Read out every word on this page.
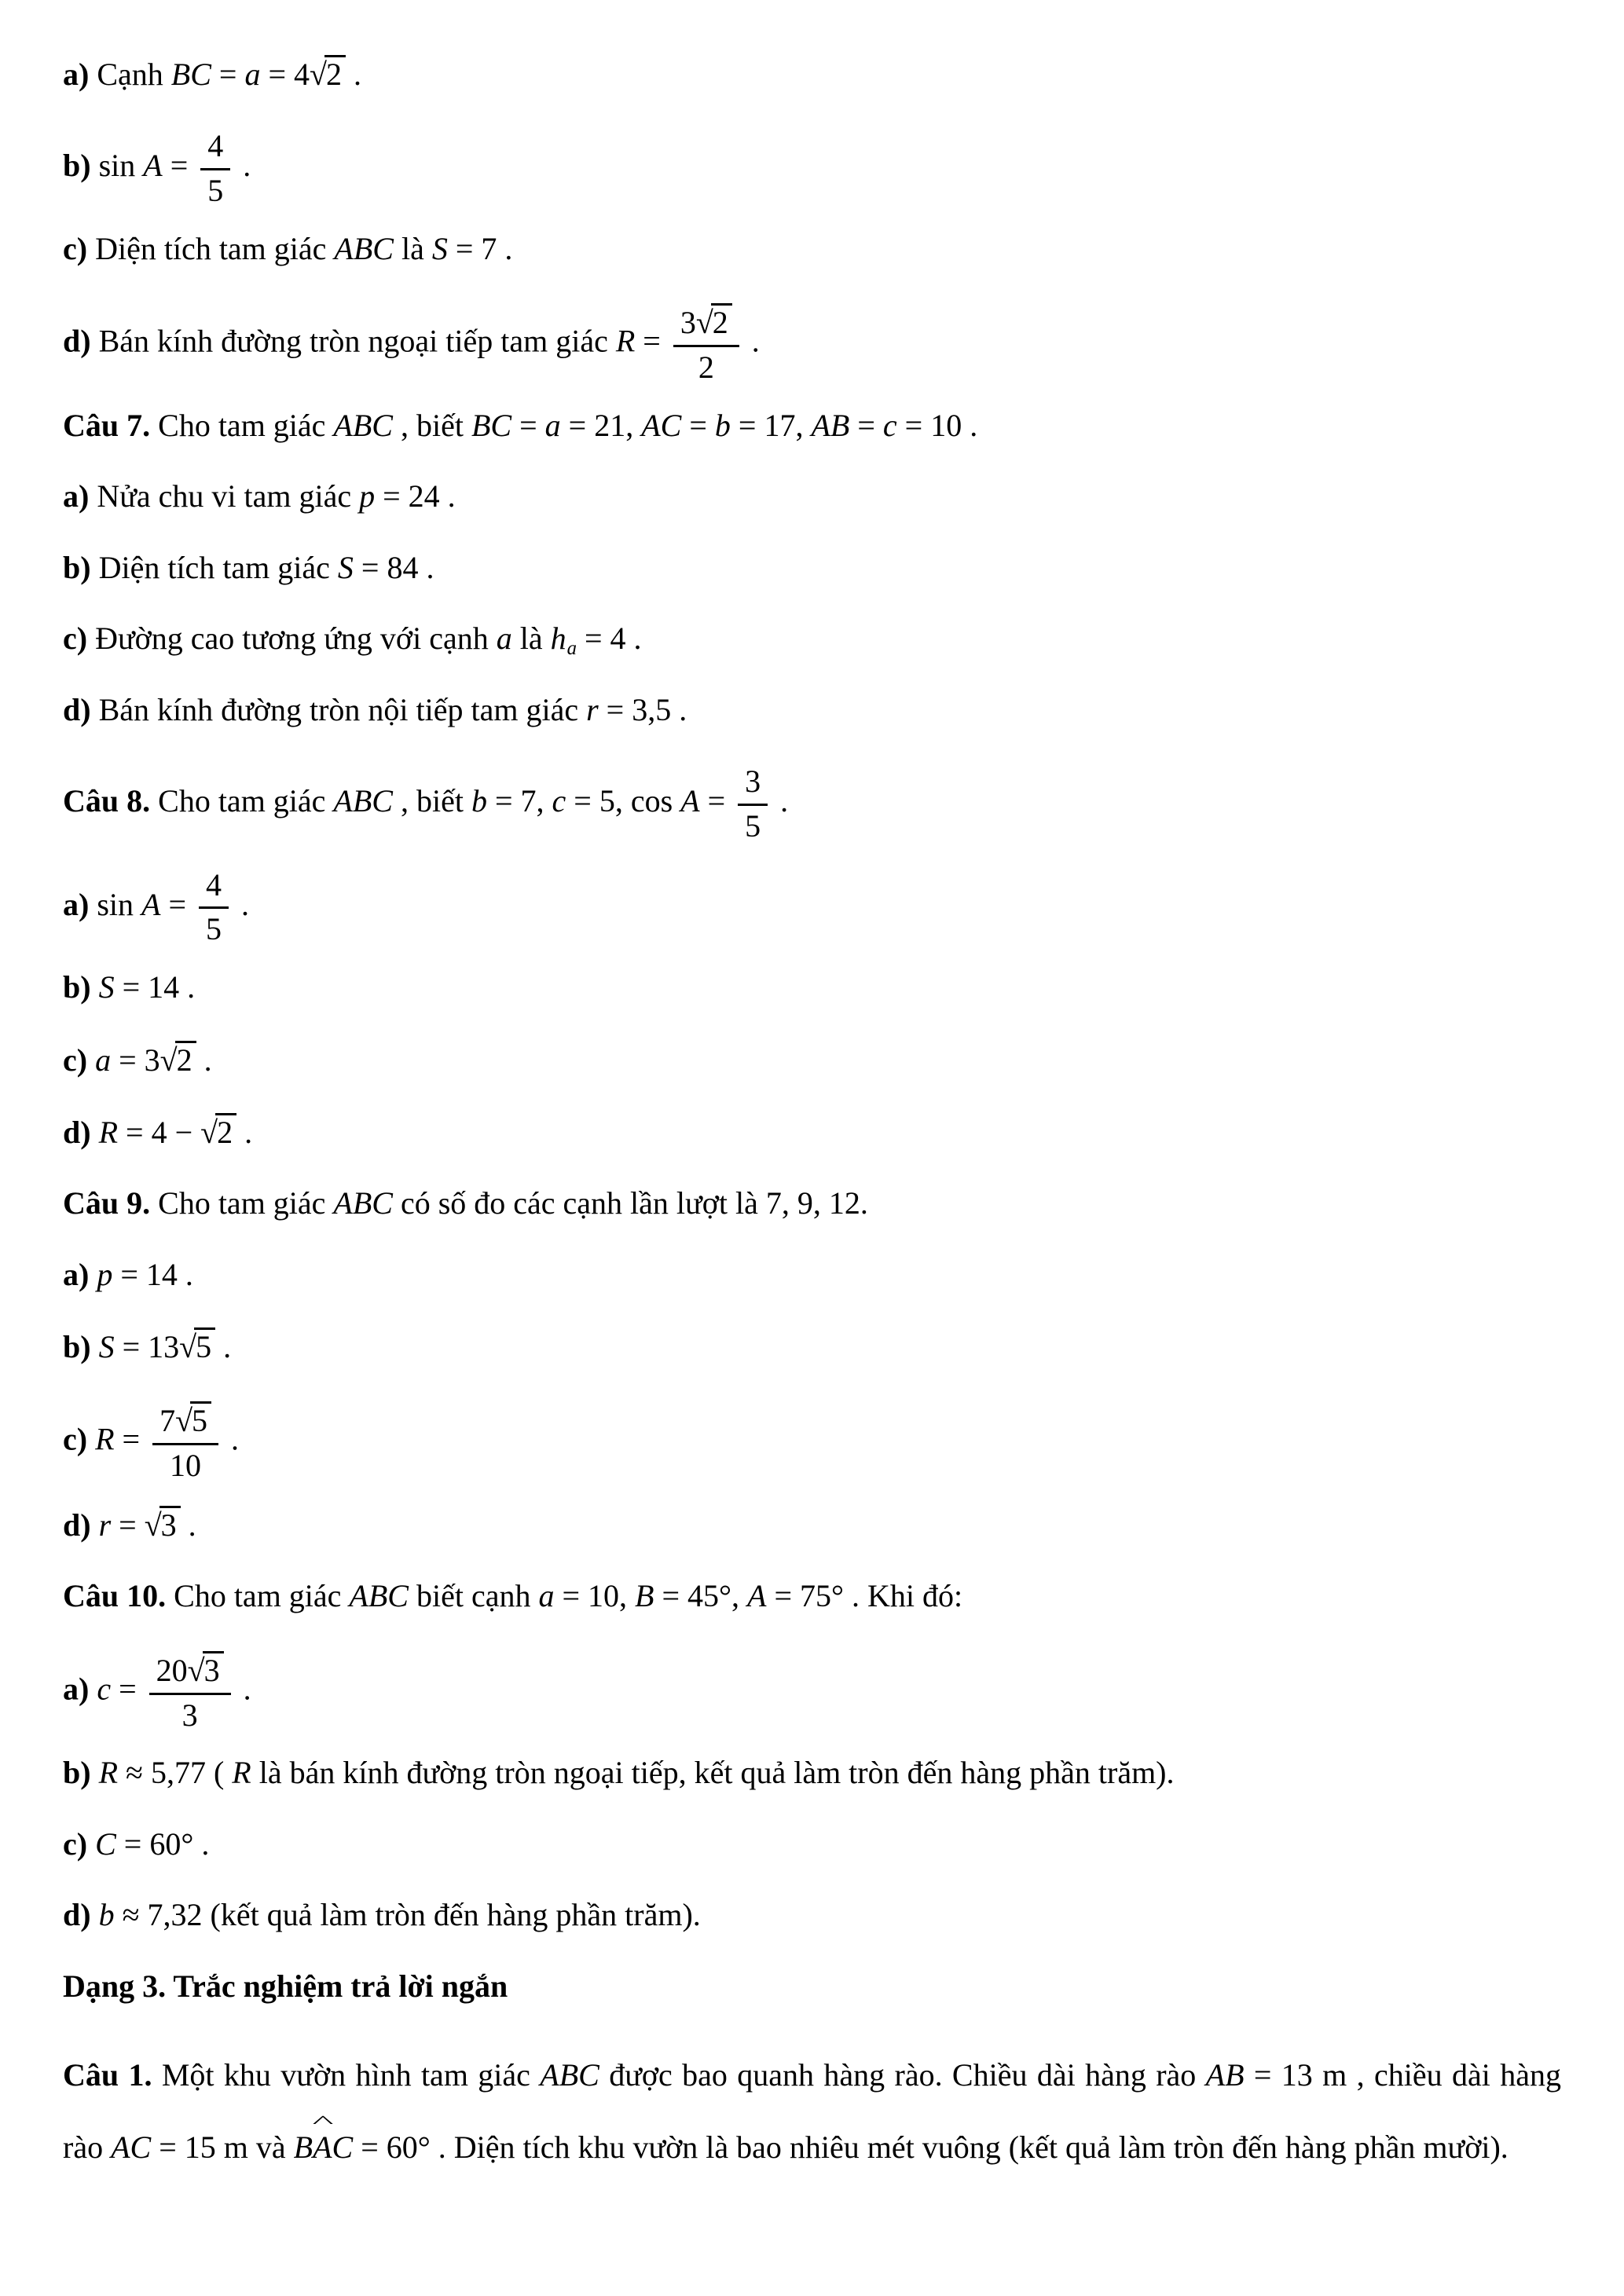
a) Cạnh BC = a = 4√2 .
b) $\sin A = \frac{4}{5}$ .
c) Diện tích tam giác ABC là S = 7 .
d) Bán kính đường tròn ngoại tiếp tam giác $R = \frac{3√2}{2}$ .
Câu 7. Cho tam giác ABC , biết BC = a = 21, AC = b = 17, AB = c = 10 .
a) Nửa chu vi tam giác p = 24 .
b) Diện tích tam giác S = 84 .
c) Đường cao tương ứng với cạnh a là ha = 4 .
d) Bán kính đường tròn nội tiếp tam giác r = 3,5 .
Câu 8. Cho tam giác ABC , biết b = 7, c = 5, $\cos A = \frac{3}{5}$ .
a) $\sin A = \frac{4}{5}$ .
b) S = 14 .
c) a = 3√2 .
d) R = 4 − √2 .
Câu 9. Cho tam giác ABC có số đo các cạnh lần lượt là 7, 9, 12.
a) p = 14 .
b) S = 13√5 .
c) $R = \frac{7√5}{10}$ .
d) r = √3 .
Câu 10. Cho tam giác ABC biết cạnh a = 10, B = 45°, A = 75° . Khi đó:
a) $c = \frac{20√3}{3}$ .
b) R ≈ 5,77 ( R là bán kính đường tròn ngoại tiếp, kết quả làm tròn đến hàng phần trăm).
c) C = 60° .
d) b ≈ 7,32 (kết quả làm tròn đến hàng phần trăm).
Dạng 3. Trắc nghiệm trả lời ngắn
Câu 1. Một khu vườn hình tam giác ABC được bao quanh hàng rào. Chiều dài hàng rào AB = 13 m , chiều dài hàng rào AC = 15 m và BAC ^ = 60° . Diện tích khu vườn là bao nhiêu mét vuông (kết quả làm tròn đến hàng phần mười).
